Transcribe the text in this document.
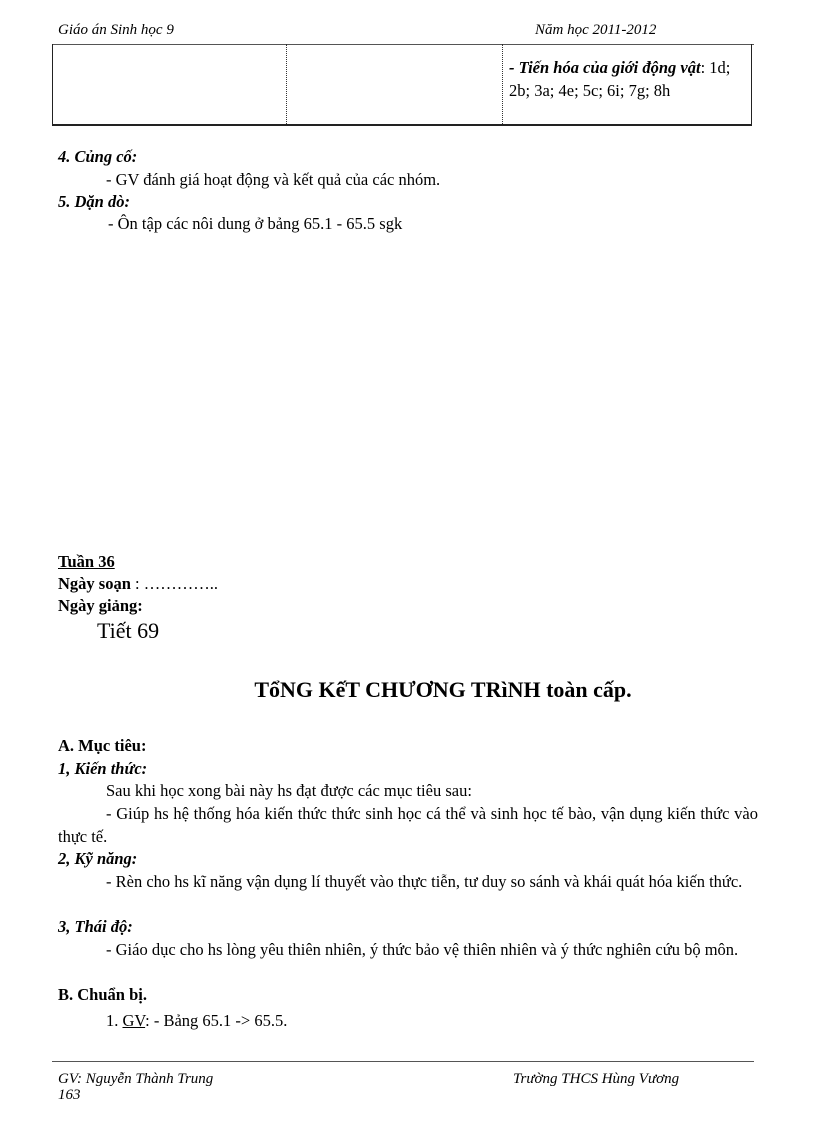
Giáo án Sinh học 9	Năm học 2011-2012
		- Tiến hóa của giới động vật: 1d; 2b; 3a; 4e; 5c; 6i; 7g; 8h
4. Củng cố:
- GV đánh giá hoạt động và kết quả của các nhóm.
5. Dặn dò:
- Ôn tập các nôi dung ở bảng 65.1 - 65.5 sgk
Tuần 36
Ngày soạn : …………..
Ngày giảng:
Tiết 69
TổNG KếT CHƯƠNG TRìNH toàn cấp.
A. Mục tiêu:
1, Kiến thức:
Sau khi học xong bài này hs đạt được các mục tiêu sau:
- Giúp hs hệ thống hóa kiến thức thức sinh học cá thể và sinh học tế bào, vận dụng kiến thức vào thực tế.
2, Kỹ năng:
- Rèn cho hs kĩ năng vận dụng lí thuyết vào thực tiễn, tư duy so sánh và khái quát hóa kiến thức.
3, Thái độ:
- Giáo dục cho hs lòng yêu thiên nhiên, ý thức bảo vệ thiên nhiên và ý thức nghiên cứu bộ môn.
B. Chuẩn bị.
1. GV: - Bảng 65.1 -> 65.5.
GV: Nguyễn Thành Trung	Trường THCS Hùng Vương
163
